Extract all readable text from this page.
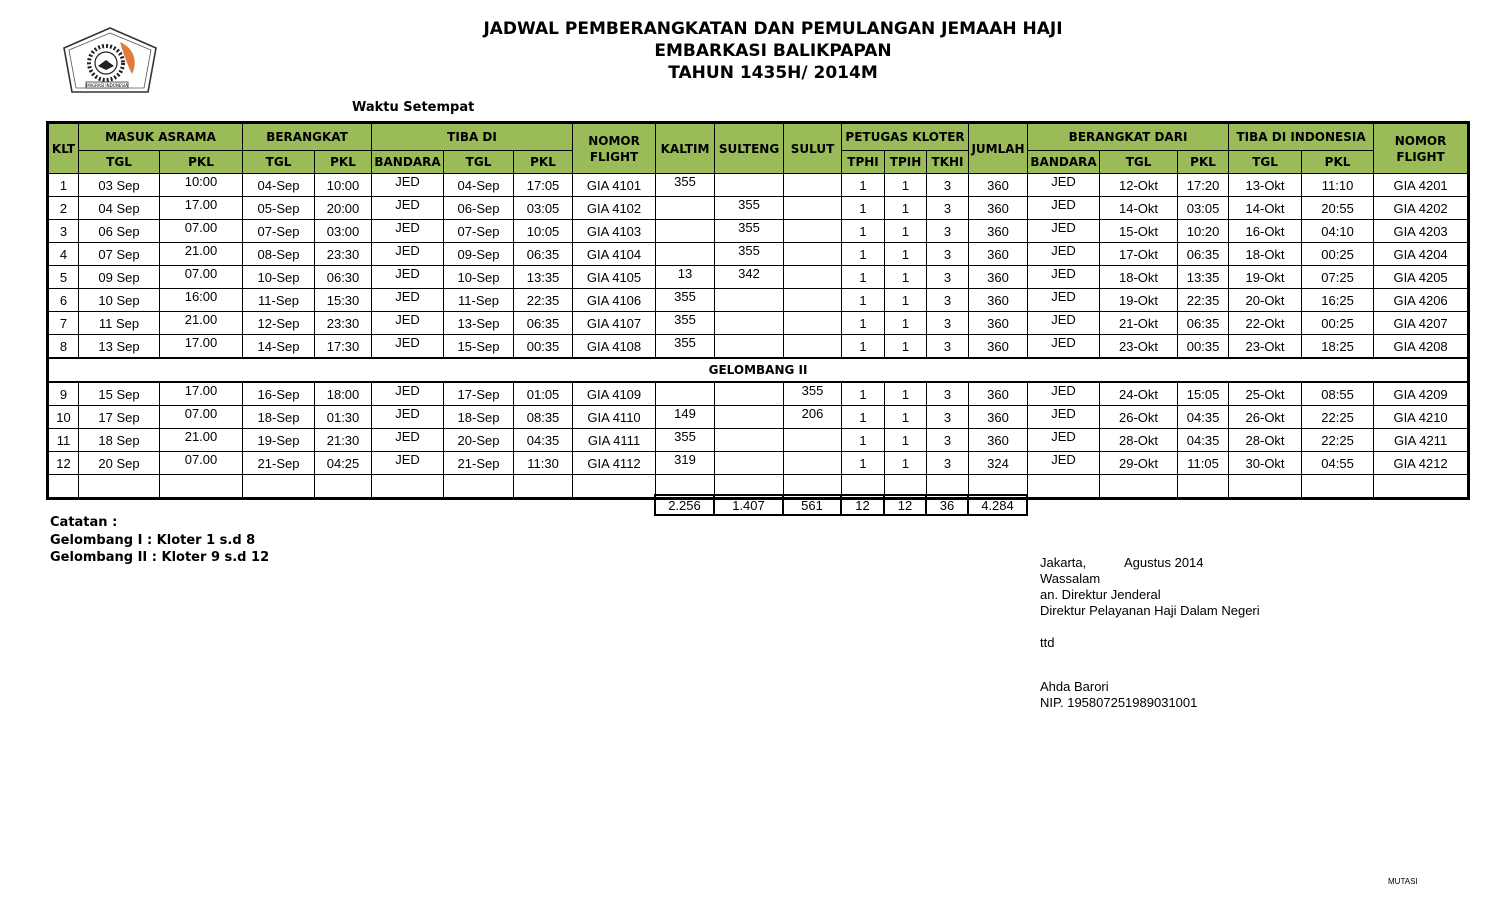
IMIGRASI INDONESIA
JADWAL PEMBERANGKATAN DAN PEMULANGAN JEMAAH HAJI
EMBARKASI BALIKPAPAN
TAHUN 1435H/ 2014M
Waktu Setempat
KLT	MASUK ASRAMA		BERANGKAT		TIBA DI			NOMOR FLIGHT	KALTIM	SULTENG	SULUT	PETUGAS KLOTER			JUMLAH	BERANGKAT DARI			TIBA DI INDONESIA		NOMOR FLIGHT
	TGL	PKL	TGL	PKL	BANDARA	TGL	PKL					TPHI	TPIH	TKHI		BANDARA	TGL	PKL	TGL	PKL	
1	03 Sep	10:00	04-Sep	10:00	JED	04-Sep	17:05	GIA 4101	355			1	1	3	360	JED	12-Okt	17:20	13-Okt	11:10	GIA 4201
2	04 Sep	17.00	05-Sep	20:00	JED	06-Sep	03:05	GIA 4102		355		1	1	3	360	JED	14-Okt	03:05	14-Okt	20:55	GIA 4202
3	06 Sep	07.00	07-Sep	03:00	JED	07-Sep	10:05	GIA 4103		355		1	1	3	360	JED	15-Okt	10:20	16-Okt	04:10	GIA 4203
4	07 Sep	21.00	08-Sep	23:30	JED	09-Sep	06:35	GIA 4104		355		1	1	3	360	JED	17-Okt	06:35	18-Okt	00:25	GIA 4204
5	09 Sep	07.00	10-Sep	06:30	JED	10-Sep	13:35	GIA 4105	13	342		1	1	3	360	JED	18-Okt	13:35	19-Okt	07:25	GIA 4205
6	10 Sep	16:00	11-Sep	15:30	JED	11-Sep	22:35	GIA 4106	355			1	1	3	360	JED	19-Okt	22:35	20-Okt	16:25	GIA 4206
7	11 Sep	21.00	12-Sep	23:30	JED	13-Sep	06:35	GIA 4107	355			1	1	3	360	JED	21-Okt	06:35	22-Okt	00:25	GIA 4207
8	13 Sep	17.00	14-Sep	17:30	JED	15-Sep	00:35	GIA 4108	355			1	1	3	360	JED	23-Okt	00:35	23-Okt	18:25	GIA 4208
GELOMBANG II																					
9	15 Sep	17.00	16-Sep	18:00	JED	17-Sep	01:05	GIA 4109			355	1	1	3	360	JED	24-Okt	15:05	25-Okt	08:55	GIA 4209
10	17 Sep	07.00	18-Sep	01:30	JED	18-Sep	08:35	GIA 4110	149		206	1	1	3	360	JED	26-Okt	04:35	26-Okt	22:25	GIA 4210
11	18 Sep	21.00	19-Sep	21:30	JED	20-Sep	04:35	GIA 4111	355			1	1	3	360	JED	28-Okt	04:35	28-Okt	22:25	GIA 4211
12	20 Sep	07.00	21-Sep	04:25	JED	21-Sep	11:30	GIA 4112	319			1	1	3	324	JED	29-Okt	11:05	30-Okt	04:55	GIA 4212

2.256	1.407	561	12	12	36	4.284
Catatan :
Gelombang I : Kloter 1 s.d 8
Gelombang II : Kloter 9 s.d 12	Jakarta,	Agustus 2014
Wassalam
an. Direktur Jenderal
Direktur Pelayanan Haji Dalam Negeri
ttd
Ahda Barori
NIP. 195807251989031001
MUTASI
